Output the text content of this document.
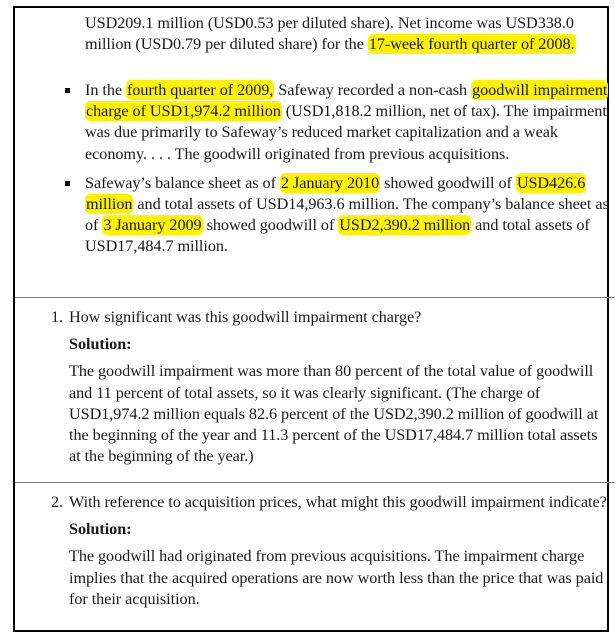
USD209.1 million (USD0.53 per diluted share). Net income was USD338.0 million (USD0.79 per diluted share) for the 17-week fourth quarter of 2008.
In the fourth quarter of 2009, Safeway recorded a non-cash goodwill impairment charge of USD1,974.2 million (USD1,818.2 million, net of tax). The impairment was due primarily to Safeway’s reduced market capitalization and a weak economy. . . . The goodwill originated from previous acquisitions.
Safeway’s balance sheet as of 2 January 2010 showed goodwill of USD426.6 million and total assets of USD14,963.6 million. The company’s balance sheet as of 3 January 2009 showed goodwill of USD2,390.2 million and total assets of USD17,484.7 million.
1. How significant was this goodwill impairment charge?
Solution:
The goodwill impairment was more than 80 percent of the total value of goodwill and 11 percent of total assets, so it was clearly significant. (The charge of USD1,974.2 million equals 82.6 percent of the USD2,390.2 million of goodwill at the beginning of the year and 11.3 percent of the USD17,484.7 million total assets at the beginning of the year.)
2. With reference to acquisition prices, what might this goodwill impairment indicate?
Solution:
The goodwill had originated from previous acquisitions. The impairment charge implies that the acquired operations are now worth less than the price that was paid for their acquisition.
